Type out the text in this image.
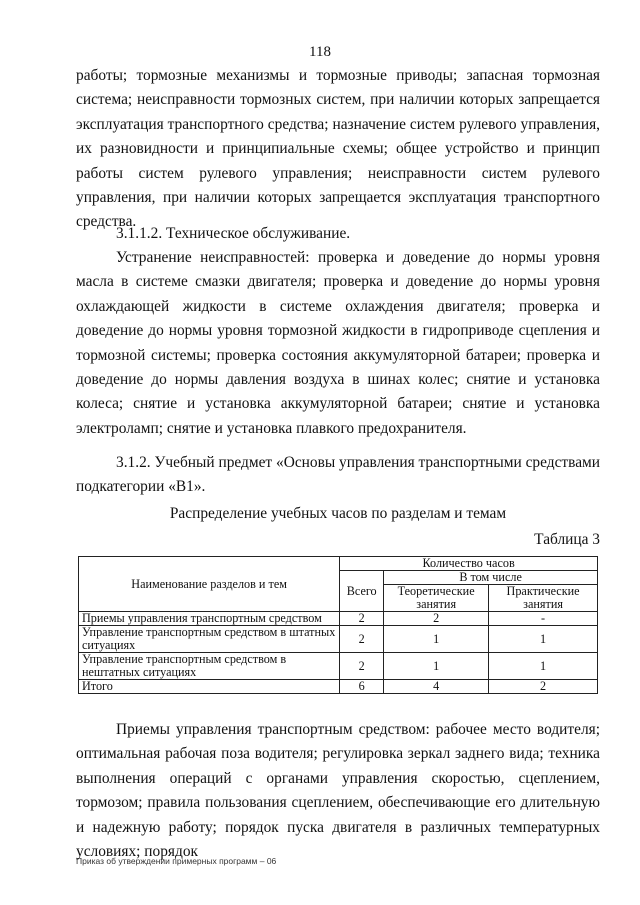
118

работы; тормозные механизмы и тормозные приводы; запасная тормозная система; неисправности тормозных систем, при наличии которых запрещается эксплуатация транспортного средства; назначение систем рулевого управления, их разновидности и принципиальные схемы; общее устройство и принцип работы систем рулевого управления; неисправности систем рулевого управления, при наличии которых запрещается эксплуатация транспортного средства.

3.1.1.2. Техническое обслуживание.

Устранение неисправностей: проверка и доведение до нормы уровня масла в системе смазки двигателя; проверка и доведение до нормы уровня охлаждающей жидкости в системе охлаждения двигателя; проверка и доведение до нормы уровня тормозной жидкости в гидроприводе сцепления и тормозной системы; проверка состояния аккумуляторной батареи; проверка и доведение до нормы давления воздуха в шинах колес; снятие и установка колеса; снятие и установка аккумуляторной батареи; снятие и установка электроламп; снятие и установка плавкого предохранителя.

3.1.2. Учебный предмет «Основы управления транспортными средствами подкатегории «В1».

Распределение учебных часов по разделам и темам
Таблица 3
Наименование разделов и тем	Количество часов		
	Всего	В том числе	
		Теоретические занятия	Практические занятия
Приемы управления транспортным средством	2	2	-
Управление транспортным средством в штатных ситуациях	2	1	1
Управление транспортным средством в нештатных ситуациях	2	1	1
Итого	6	4	2

Приемы управления транспортным средством: рабочее место водителя; оптимальная рабочая поза водителя; регулировка зеркал заднего вида; техника выполнения операций с органами управления скоростью, сцеплением, тормозом; правила пользования сцеплением, обеспечивающие его длительную и надежную работу; порядок пуска двигателя в различных температурных условиях; порядок

Приказ об утверждении примерных программ – 06
